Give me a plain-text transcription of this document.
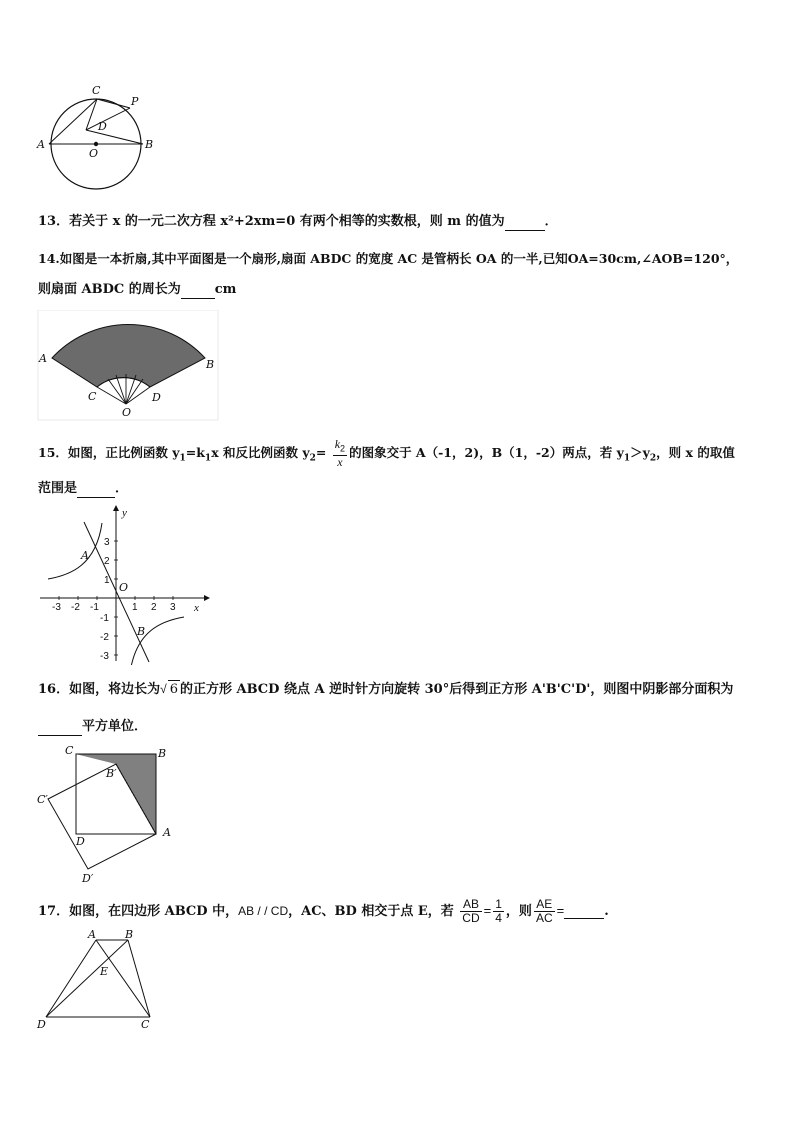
C
P
D
A
O
B
13．若关于 x 的一元二次方程 x²+2xm=0 有两个相等的实数根，则 m 的值为	．
14.如图是一本折扇,其中平面图是一个扇形,扇面 ABDC 的宽度 AC 是管柄长 OA 的一半,已知OA=30cm,∠AOB=120°，
则扇面 ABDC 的周长为	cm
A	B
C
O
D
15．如图，正比例函数 $y_1=k_1x$ 和反比例函数 $y_2= \frac{k_2}{x}$ 的图象交于 A（-1，2)，B（1，-2）两点，若 $y_1>y_2$，则 x 的取值
范围是	．
x
y
O
-3 -2 -1	1 2 3
3
2
1
-1
-2
-3
A
B
16．如图，将边长为√ 6 的正方形 ABCD 绕点 A 逆时针方向旋转 30°后得到正方形 A'B'C'D'，则图中阴影部分面积为
平方单位．
C	B
B′
C′
D
A
D′
17．如图，在四边形 ABCD 中，AB / / CD，AC、BD 相交于点 E，若 $\frac{AB}{CD} = \frac{1}{4}$ ，则 $\frac{AE}{AC}$ =	.
A	B
E
D	C
